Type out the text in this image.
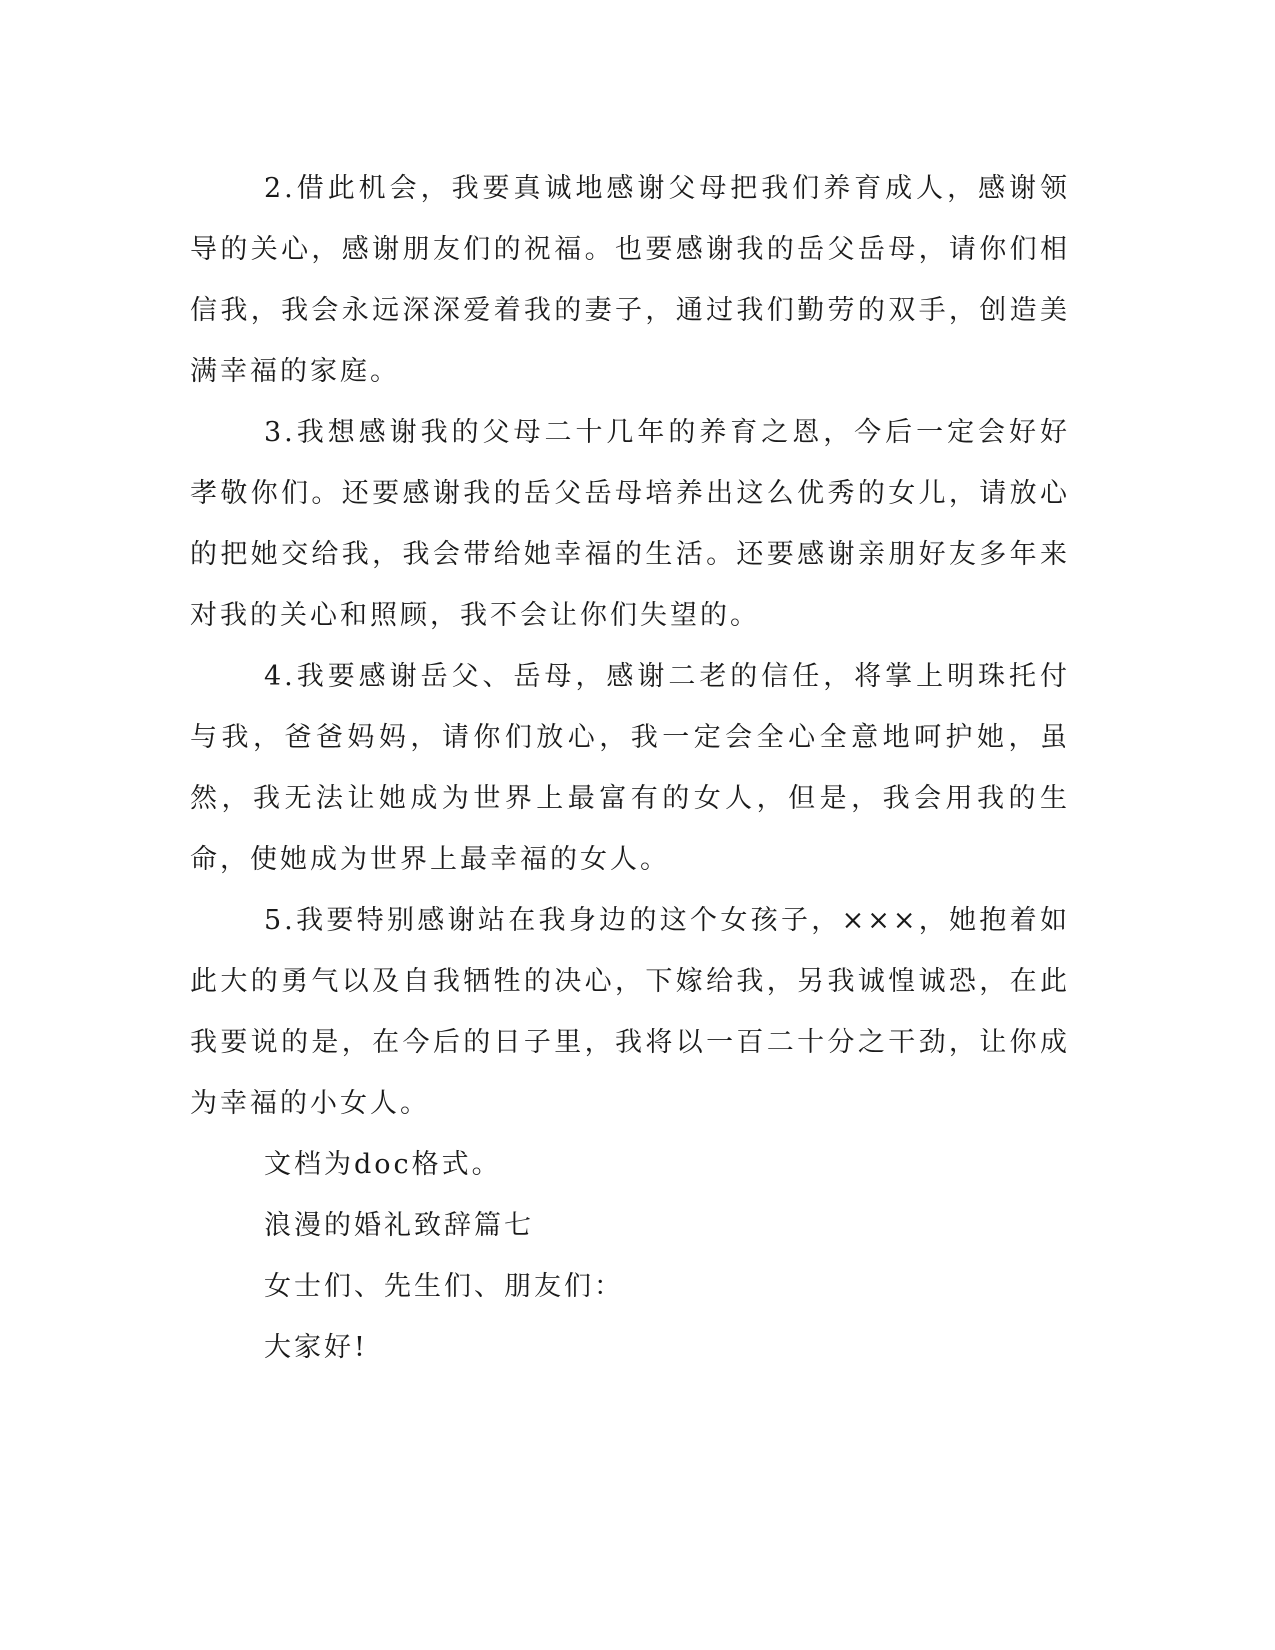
2.借此机会，我要真诚地感谢父母把我们养育成人，感谢领导的关心，感谢朋友们的祝福。也要感谢我的岳父岳母，请你们相信我，我会永远深深爱着我的妻子，通过我们勤劳的双手，创造美满幸福的家庭。

3.我想感谢我的父母二十几年的养育之恩，今后一定会好好孝敬你们。还要感谢我的岳父岳母培养出这么优秀的女儿，请放心的把她交给我，我会带给她幸福的生活。还要感谢亲朋好友多年来对我的关心和照顾，我不会让你们失望的。

4.我要感谢岳父、岳母，感谢二老的信任，将掌上明珠托付与我，爸爸妈妈，请你们放心，我一定会全心全意地呵护她，虽然，我无法让她成为世界上最富有的女人，但是，我会用我的生命，使她成为世界上最幸福的女人。

5.我要特别感谢站在我身边的这个女孩子，×××，她抱着如此大的勇气以及自我牺牲的决心，下嫁给我，另我诚惶诚恐，在此我要说的是，在今后的日子里，我将以一百二十分之干劲，让你成为幸福的小女人。

文档为doc格式。

浪漫的婚礼致辞篇七

女士们、先生们、朋友们：

大家好!
